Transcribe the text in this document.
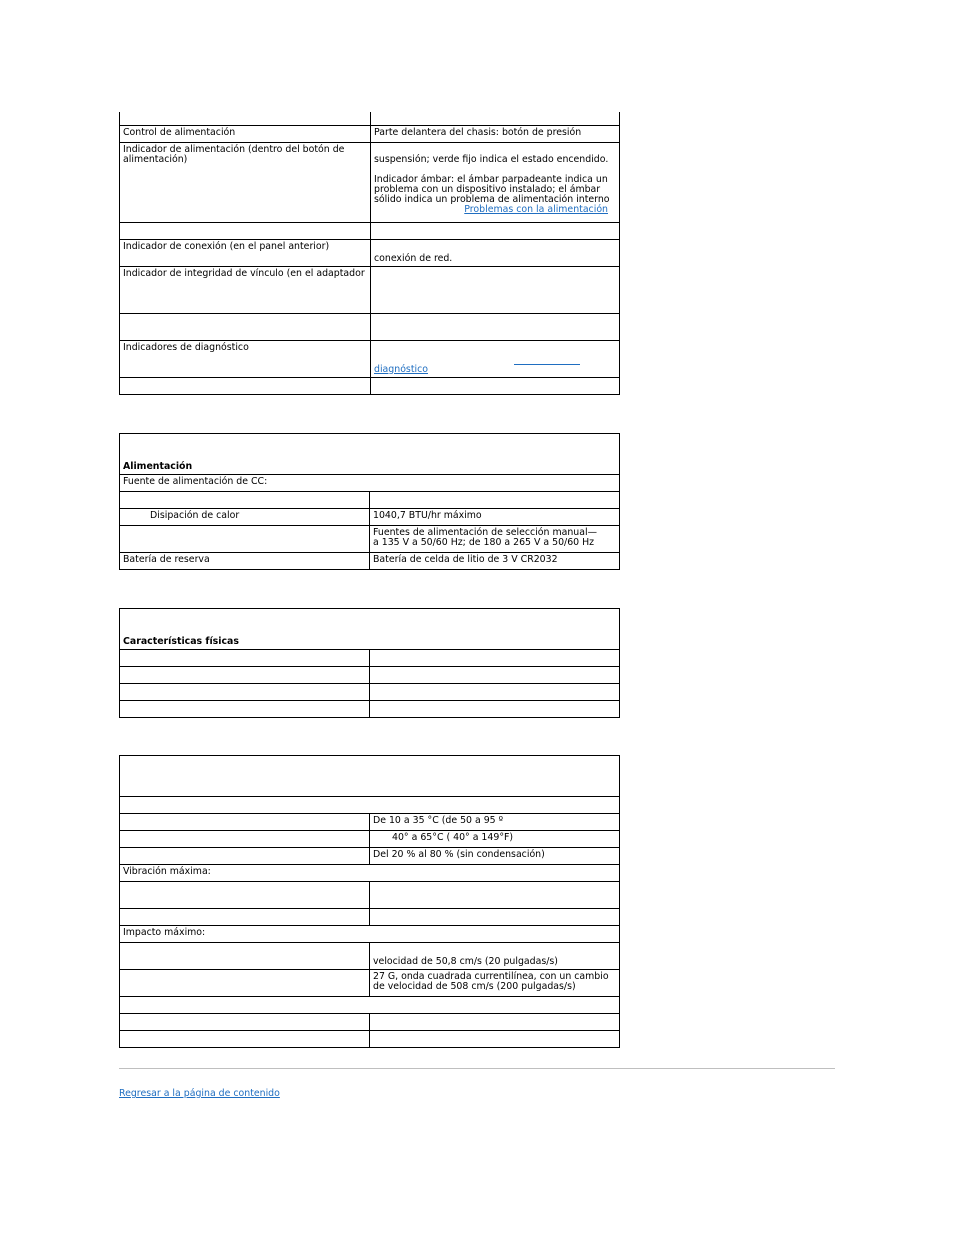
Control de alimentación	Parte delantera del chasis: botón de presión
Indicador de alimentación (dentro del botón de alimentación)	suspensión; verde fijo indica el estado encendido.

Indicador ámbar: el ámbar parpadeante indica un problema con un dispositivo instalado; el ámbar sólido indica un problema de alimentación interno

Problemas con la alimentación

Indicador de conexión (en el panel anterior)	conexión de red.
Indicador de integridad de vínculo (en el adaptador	

Indicadores de diagnóstico	diagnóstico

Alimentación	
Fuente de alimentación de CC:	

Disipación de calor	1040,7 BTU/hr máximo

	Fuentes de alimentación de selección manual—
a 135 V a 50/60 Hz; de 180 a 265 V a 50/60 Hz

Batería de reserva	Batería de celda de litio de 3 V CR2032
Características físicas	

	De 10 a 35 °C (de 50 a 95 º
	40° a 65°C ( 40° a 149°F)
	Del 20 % al 80 % (sin condensación)
Vibración máxima:	

Impacto máximo:	
	velocidad de 50,8 cm/s (20 pulgadas/s)
	27 G, onda cuadrada currentilínea, con un cambio de velocidad de 508 cm/s (200 pulgadas/s)

Regresar a la página de contenido
